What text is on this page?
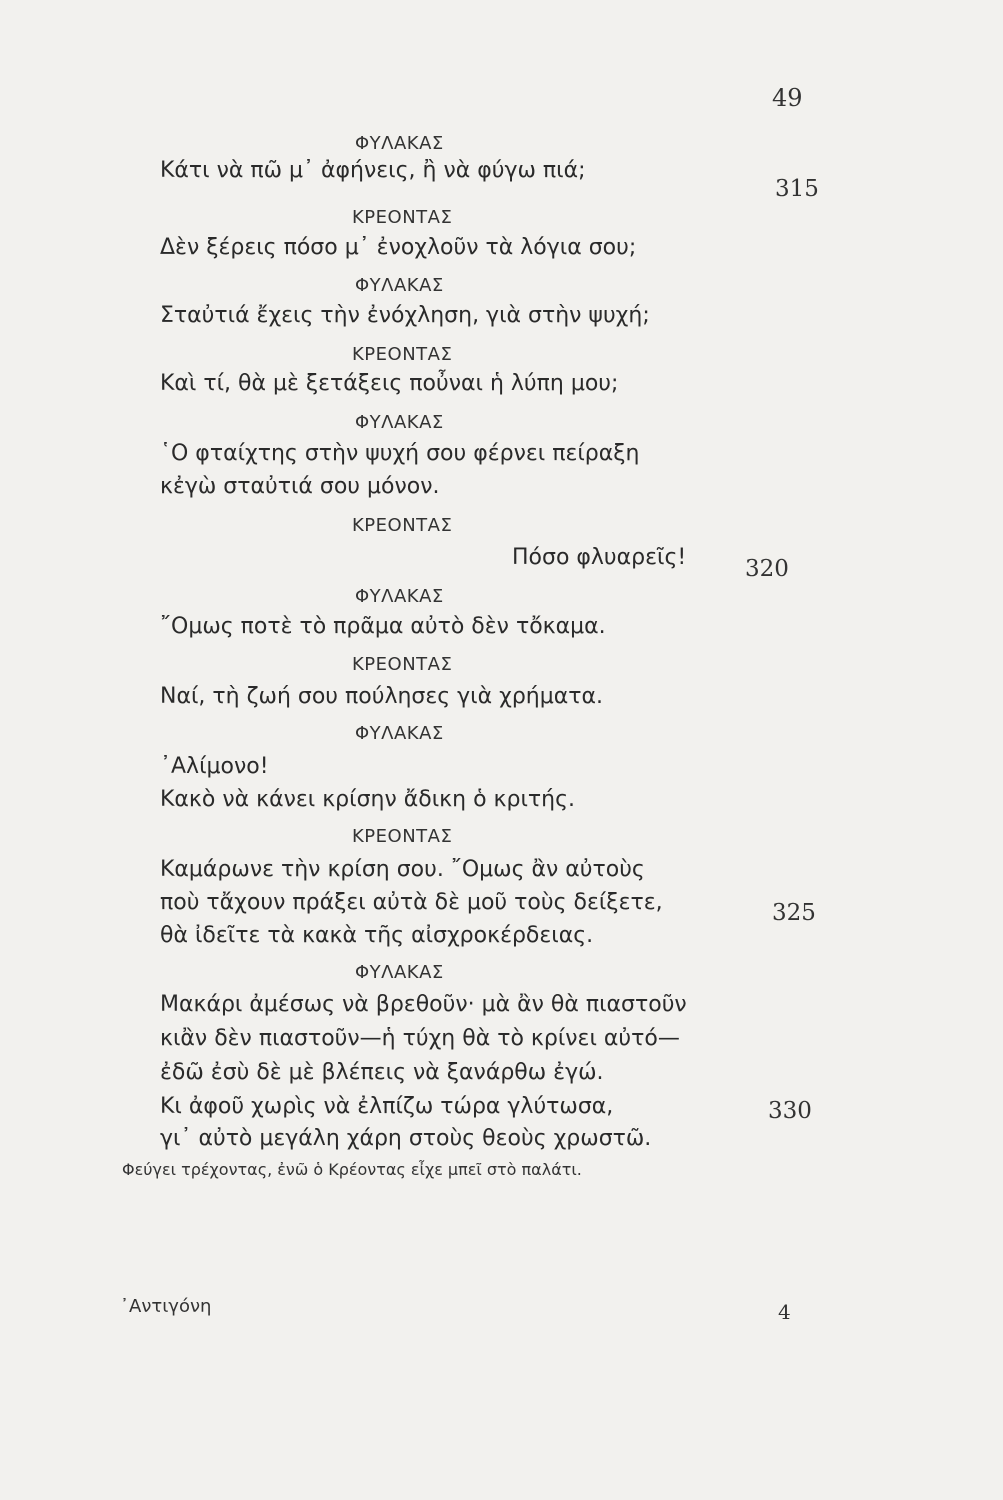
49
ΦΥΛΑΚΑΣ
Κάτι νὰ πῶ μ᾽ ἀφήνεις, ἢ νὰ φύγω πιά;
315
ΚΡΕΟΝΤΑΣ
Δὲν ξέρεις πόσο μ᾽ ἐνοχλοῦν τὰ λόγια σου;
ΦΥΛΑΚΑΣ
Σταὐτιά ἔχεις τὴν ἐνόχληση, γιὰ στὴν ψυχή;
ΚΡΕΟΝΤΑΣ
Καὶ τί, θὰ μὲ ξετάξεις ποὖναι ἡ λύπη μου;
ΦΥΛΑΚΑΣ
῾Ο φταίχτης στὴν ψυχή σου φέρνει πείραξη
κἐγὼ σταὐτιά σου μόνον.
ΚΡΕΟΝΤΑΣ
Πόσο φλυαρεῖς!	320
ΦΥΛΑΚΑΣ
῎Ομως ποτὲ τὸ πρᾶμα αὐτὸ δὲν τὄκαμα.
ΚΡΕΟΝΤΑΣ
Ναί, τὴ ζωή σου πούλησες γιὰ χρήματα.
ΦΥΛΑΚΑΣ
᾽Αλίμονο!
Κακὸ νὰ κάνει κρίσην ἄδικη ὁ κριτής.
ΚΡΕΟΝΤΑΣ
Καμάρωνε τὴν κρίση σου. ῎Ομως ἂν αὐτοὺς
ποὺ τἄχουν πράξει αὐτὰ δὲ μοῦ τοὺς δείξετε,	325
θὰ ἰδεῖτε τὰ κακὰ τῆς αἰσχροκέρδειας.
ΦΥΛΑΚΑΣ
Μακάρι ἀμέσως νὰ βρεθοῦν· μὰ ἂν θὰ πιαστοῦν
κιἂν δὲν πιαστοῦν—ἡ τύχη θὰ τὸ κρίνει αὐτό—
ἐδῶ ἐσὺ δὲ μὲ βλέπεις νὰ ξανάρθω ἐγώ.
Κι ἀφοῦ χωρὶς νὰ ἐλπίζω τώρα γλύτωσα,	330
γι᾽ αὐτὸ μεγάλη χάρη στοὺς θεοὺς χρωστῶ.
Φεύγει τρέχοντας, ἐνῶ ὁ Κρέοντας εἶχε μπεῖ στὸ παλάτι.
᾽Αντιγόνη	4
